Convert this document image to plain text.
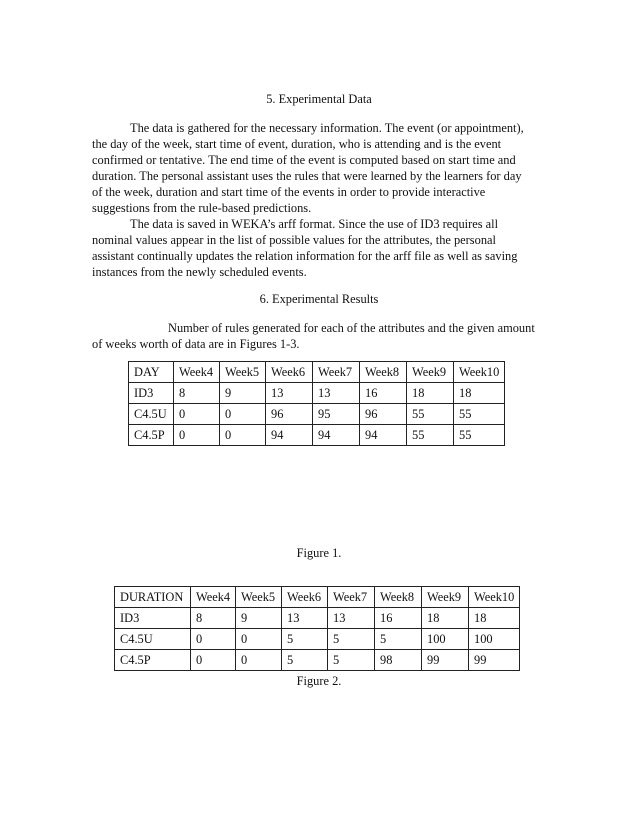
5. Experimental Data
The data is gathered for the necessary information. The event (or appointment),
the day of the week, start time of event, duration, who is attending and is the event
confirmed or tentative. The end time of the event is computed based on start time and
duration. The personal assistant uses the rules that were learned by the learners for day
of the week, duration and start time of the events in order to provide interactive
suggestions from the rule-based predictions.
The data is saved in WEKA’s arff format. Since the use of ID3 requires all
nominal values appear in the list of possible values for the attributes, the personal
assistant continually updates the relation information for the arff file as well as saving
instances from the newly scheduled events.
6. Experimental Results
Number of rules generated for each of the attributes and the given amount
of weeks worth of data are in Figures 1-3.
DAY	Week4	Week5	Week6	Week7	Week8	Week9	Week10
ID3	8	9	13	13	16	18	18
C4.5U	0	0	96	95	96	55	55
C4.5P	0	0	94	94	94	55	55
Figure 1.
DURATION	Week4	Week5	Week6	Week7	Week8	Week9	Week10
ID3	8	9	13	13	16	18	18
C4.5U	0	0	5	5	5	100	100
C4.5P	0	0	5	5	98	99	99
Figure 2.
